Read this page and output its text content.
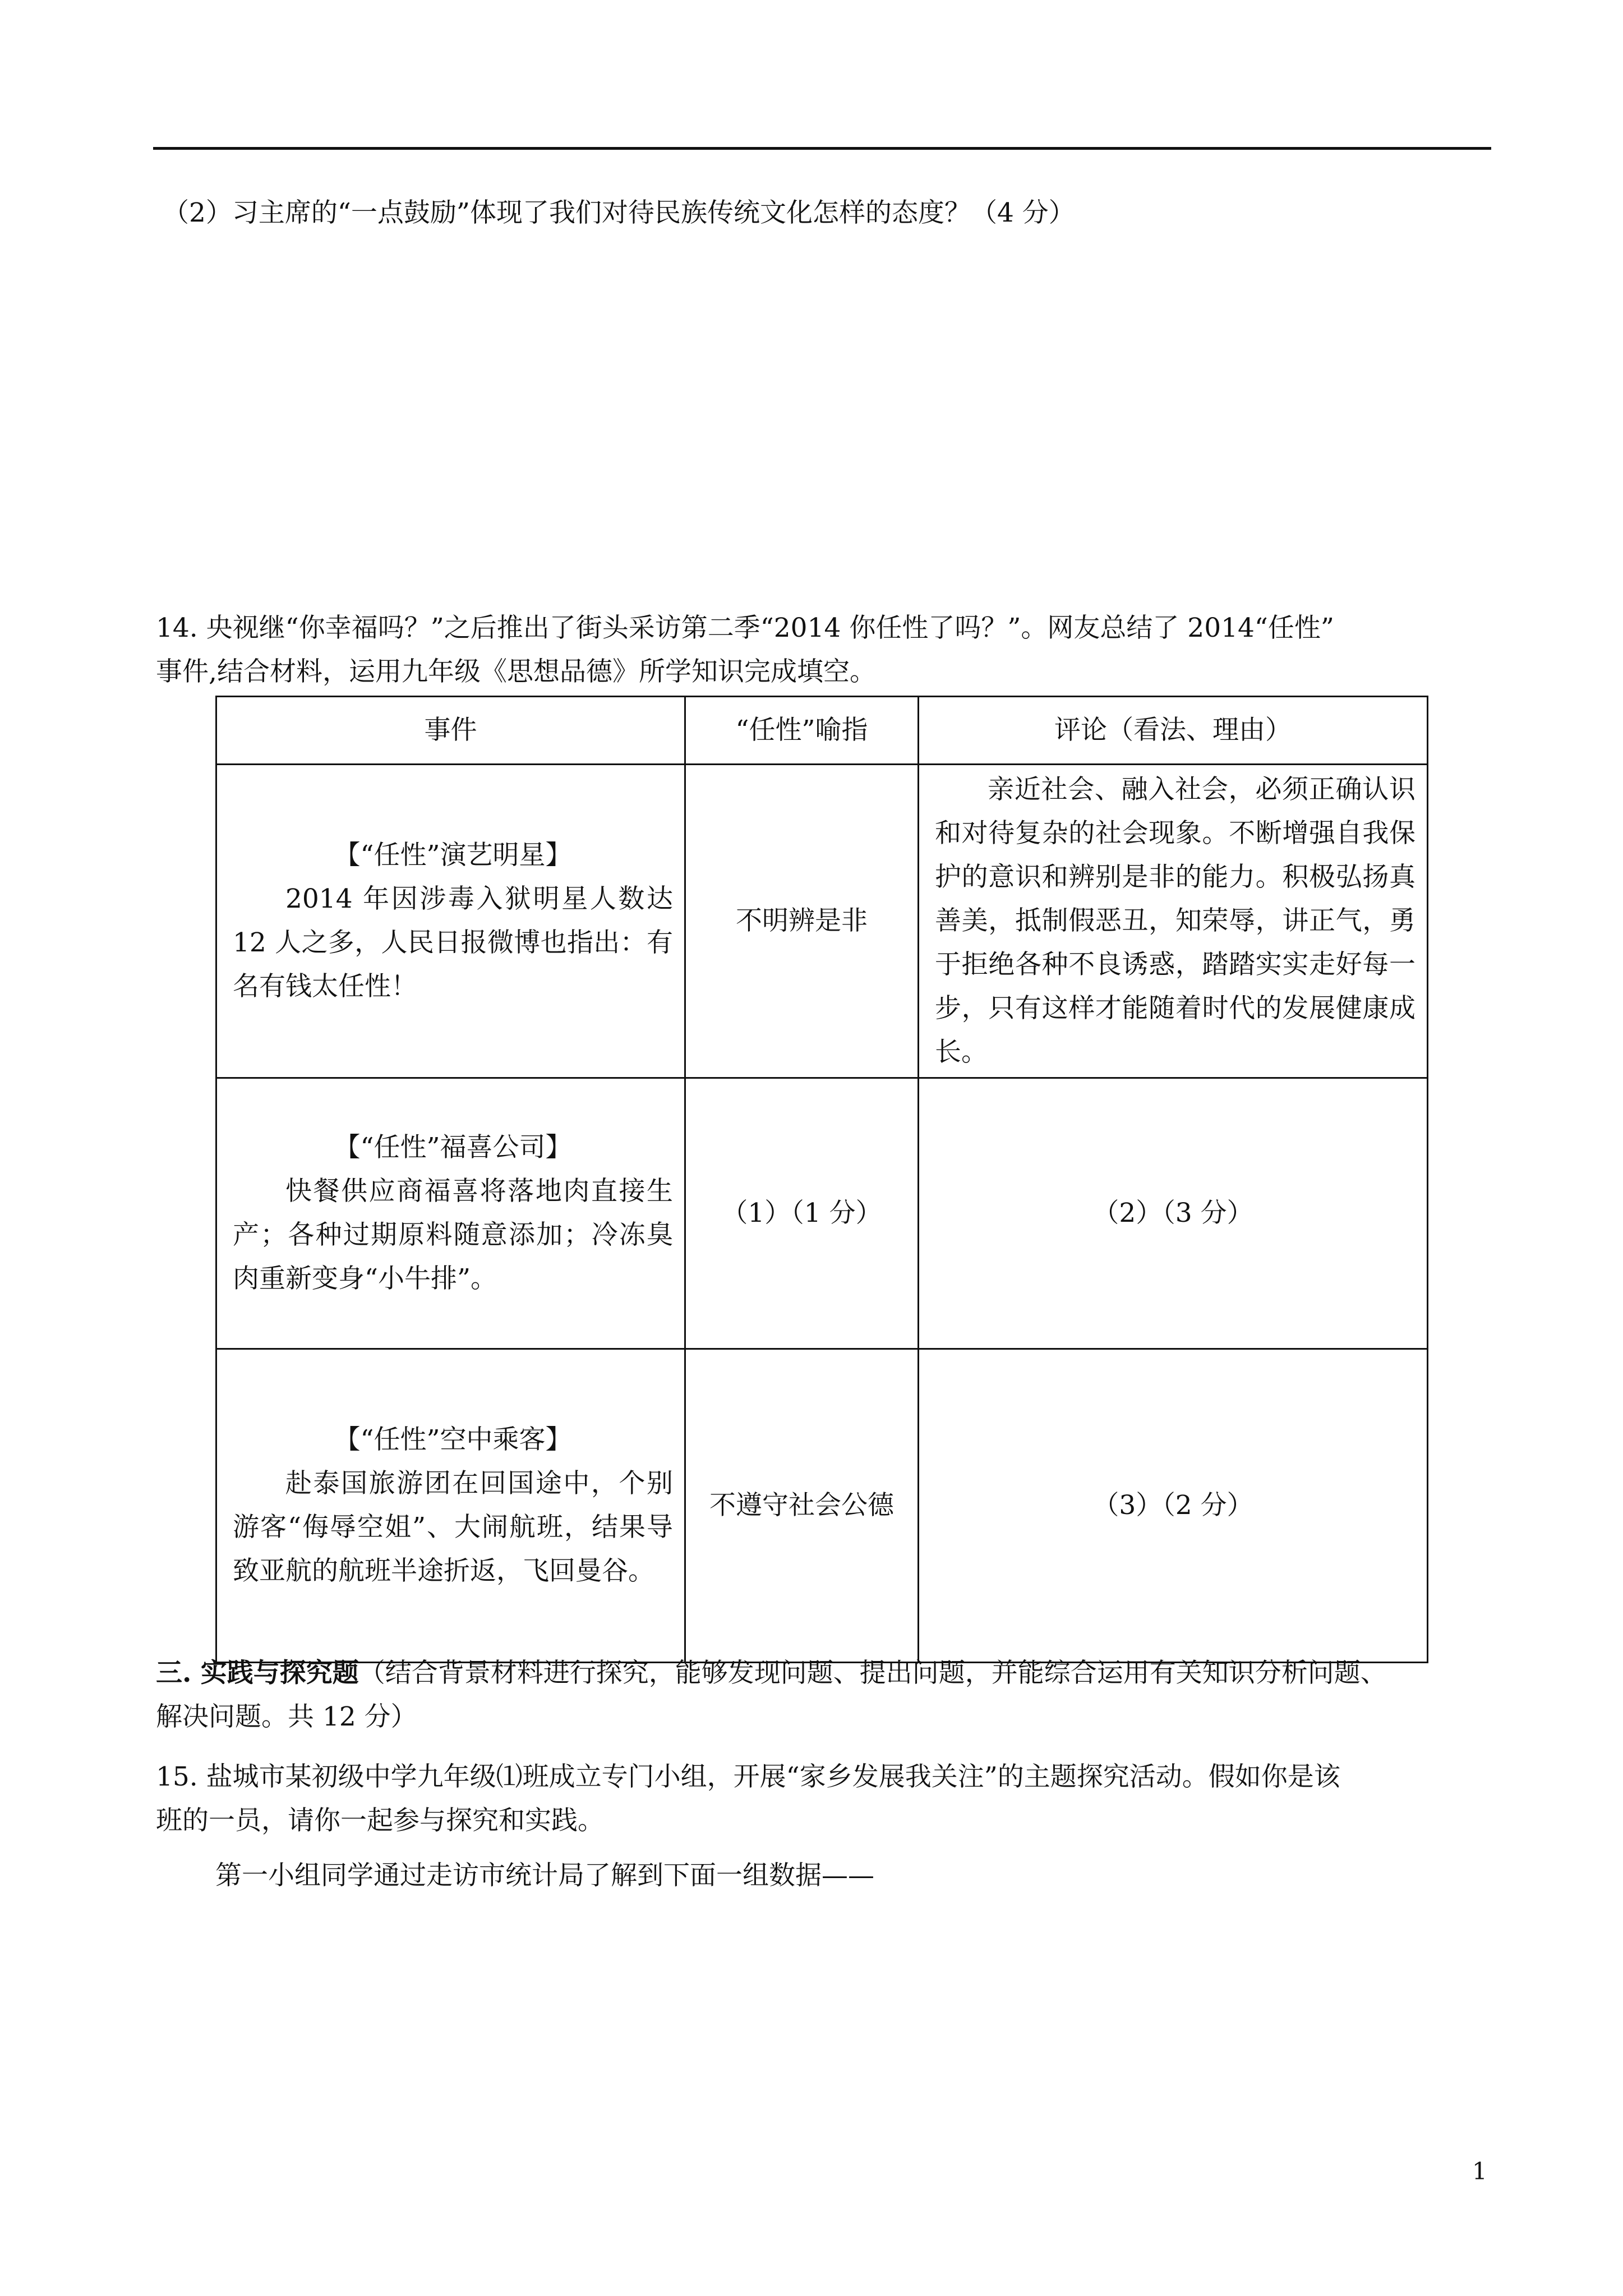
（2）习主席的“一点鼓励”体现了我们对待民族传统文化怎样的态度？（4 分）
14. 央视继“你幸福吗？”之后推出了街头采访第二季“2014 你任性了吗？”。网友总结了 2014“任性”
事件,结合材料，运用九年级《思想品德》所学知识完成填空。
事件	“任性”喻指	评论（看法、理由）

【“任性”演艺明星】
2014 年因涉毒入狱明星人数达 12 人之多，人民日报微博也指出：有名有钱太任性！	不明辨是非	亲近社会、融入社会，必须正确认识和对待复杂的社会现象。不断增强自我保护的意识和辨别是非的能力。积极弘扬真善美，抵制假恶丑，知荣辱，讲正气，勇于拒绝各种不良诱惑，踏踏实实走好每一步，只有这样才能随着时代的发展健康成长。

【“任性”福喜公司】
快餐供应商福喜将落地肉直接生产；各种过期原料随意添加；冷冻臭肉重新变身“小牛排”。	（1）（1 分）	（2）（3 分）

【“任性”空中乘客】
赴泰国旅游团在回国途中，个别游客“侮辱空姐”、大闹航班，结果导致亚航的航班半途折返，飞回曼谷。	不遵守社会公德	（3）（2 分）
三. 实践与探究题（结合背景材料进行探究，能够发现问题、提出问题，并能综合运用有关知识分析问题、
解决问题。共 12 分）
15. 盐城市某初级中学九年级⑴班成立专门小组，开展“家乡发展我关注”的主题探究活动。假如你是该
班的一员，请你一起参与探究和实践。
第一小组同学通过走访市统计局了解到下面一组数据——
1
